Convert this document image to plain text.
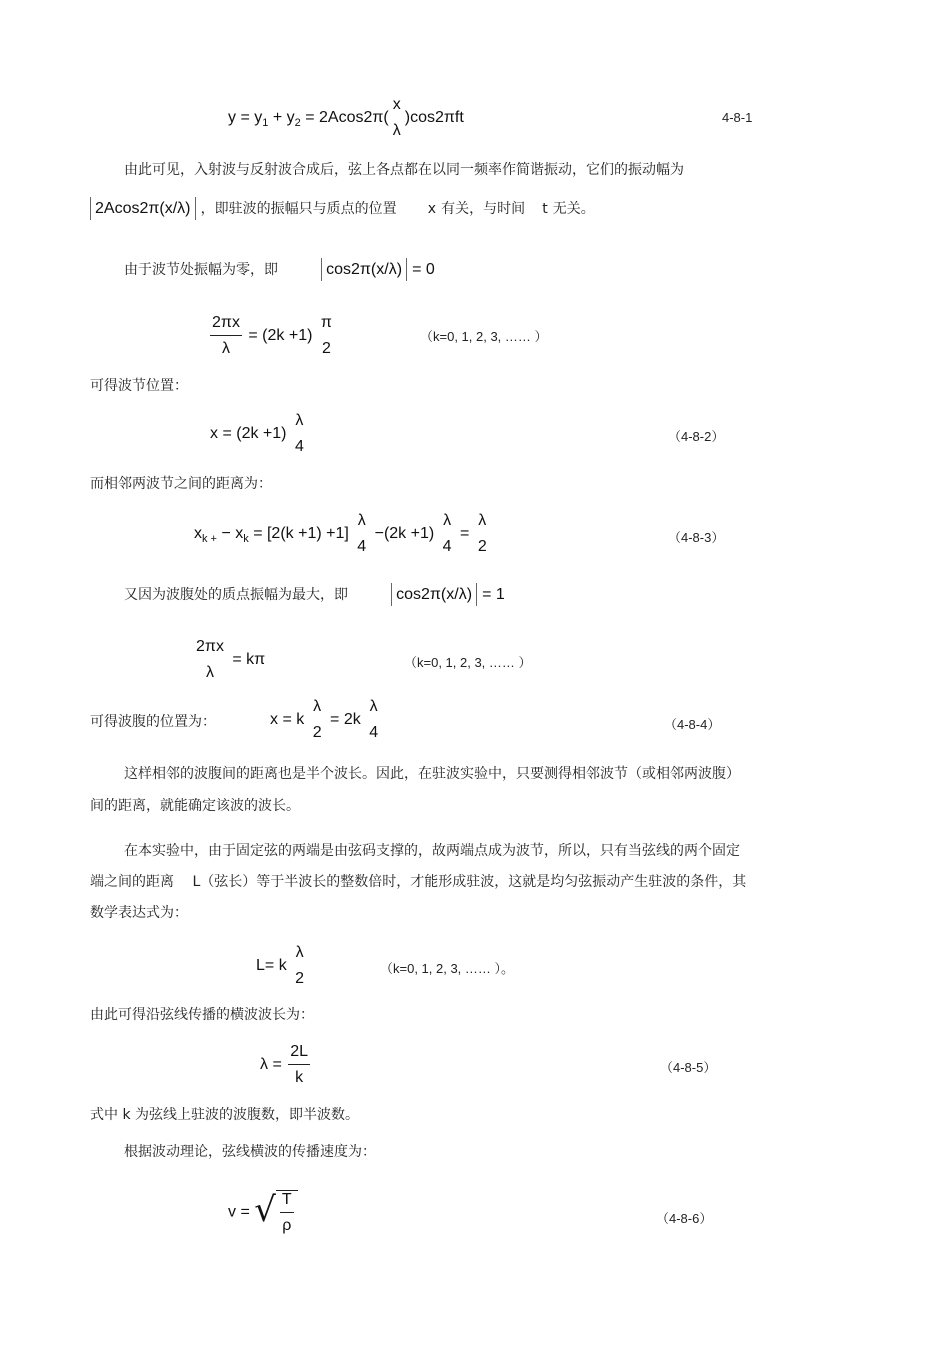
$y = y_1 + y_2 = 2Acos2\pi$(
x
λ
)cos2πft	4-8-1
由此可见，入射波与反射波合成后，弦上各点都在以同一频率作简谐振动，它们的振动幅为
2Acos2π(x/λ) ，即驻波的振幅只与质点的位置 x 有关，与时间 t 无关。
由于波节处振幅为零，即	cos2π(x/λ) = 0
$\frac{2\pi x}{\lambda} = (2k +1)$
π
2
（k=0, 1, 2, 3, …… ）
可得波节位置：
x = (2k +1)
λ
4
（4-8-2）
而相邻两波节之间的距离为：
$x_{k +} - x_k = [2(k +1) +1]$
λ
4
−(2k +1)
λ
4
=
λ
2
（4-8-3）
又因为波腹处的质点振幅为最大，即	cos2π(x/λ) = 1
2πx
λ
= kπ	（k=0, 1, 2, 3, …… ）
可得波腹的位置为：	x = k
λ
2
= 2k
λ
4	（4-8-4）
这样相邻的波腹间的距离也是半个波长。因此，在驻波实验中，只要测得相邻波节（或相邻两波腹）
间的距离，就能确定该波的波长。
在本实验中，由于固定弦的两端是由弦码支撑的，故两端点成为波节，所以，只有当弦线的两个固定
端之间的距离 L（弦长）等于半波长的整数倍时，才能形成驻波，这就是均匀弦振动产生驻波的条件，其
数学表达式为：
L= k
λ
2
（k=0, 1, 2, 3, …… ）。
由此可得沿弦线传播的横波波长为：
$\lambda = \frac{2L}{k}$	（4-8-5）
式中 k 为弦线上驻波的波腹数，即半波数。
根据波动理论，弦线横波的传播速度为：
v = √ $\frac{T}{\rho}$	（4-8-6）
